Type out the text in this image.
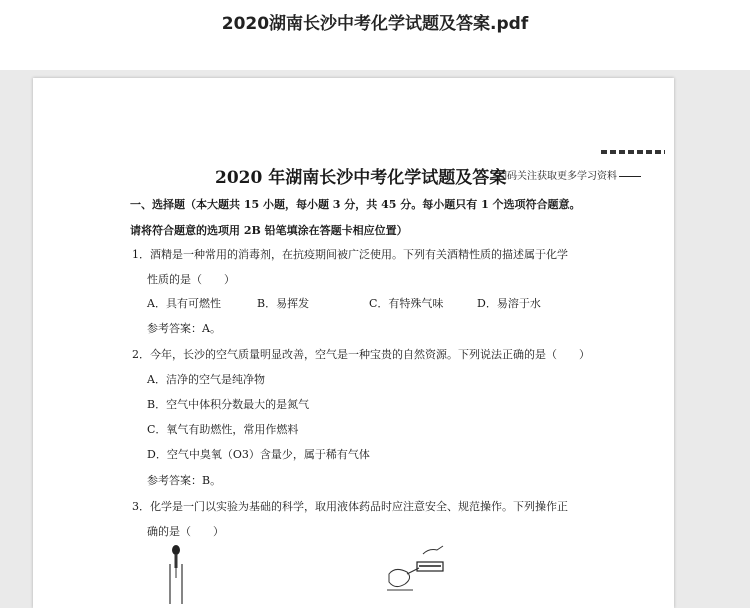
2020湖南长沙中考化学试题及答案.pdf
2020 年湖南长沙中考化学试题及答案
扫码关注获取更多学习资料
一、选择题（本大题共 15 小题，每小题 3 分，共 45 分。每小题只有 1 个选项符合题意。
请将符合题意的选项用 2B 铅笔填涂在答题卡相应位置）
1．酒精是一种常用的消毒剂，在抗疫期间被广泛使用。下列有关酒精性质的描述属于化学
性质的是（　　）
A．具有可燃性	B．易挥发	C．有特殊气味	D．易溶于水
参考答案：A。
2．今年，长沙的空气质量明显改善，空气是一种宝贵的自然资源。下列说法正确的是（　　）
A．洁净的空气是纯净物
B．空气中体积分数最大的是氮气
C．氧气有助燃性，常用作燃料
D．空气中臭氧（O3）含量少，属于稀有气体
参考答案：B。
3．化学是一门以实验为基础的科学，取用液体药品时应注意安全、规范操作。下列操作正
确的是（　　）
